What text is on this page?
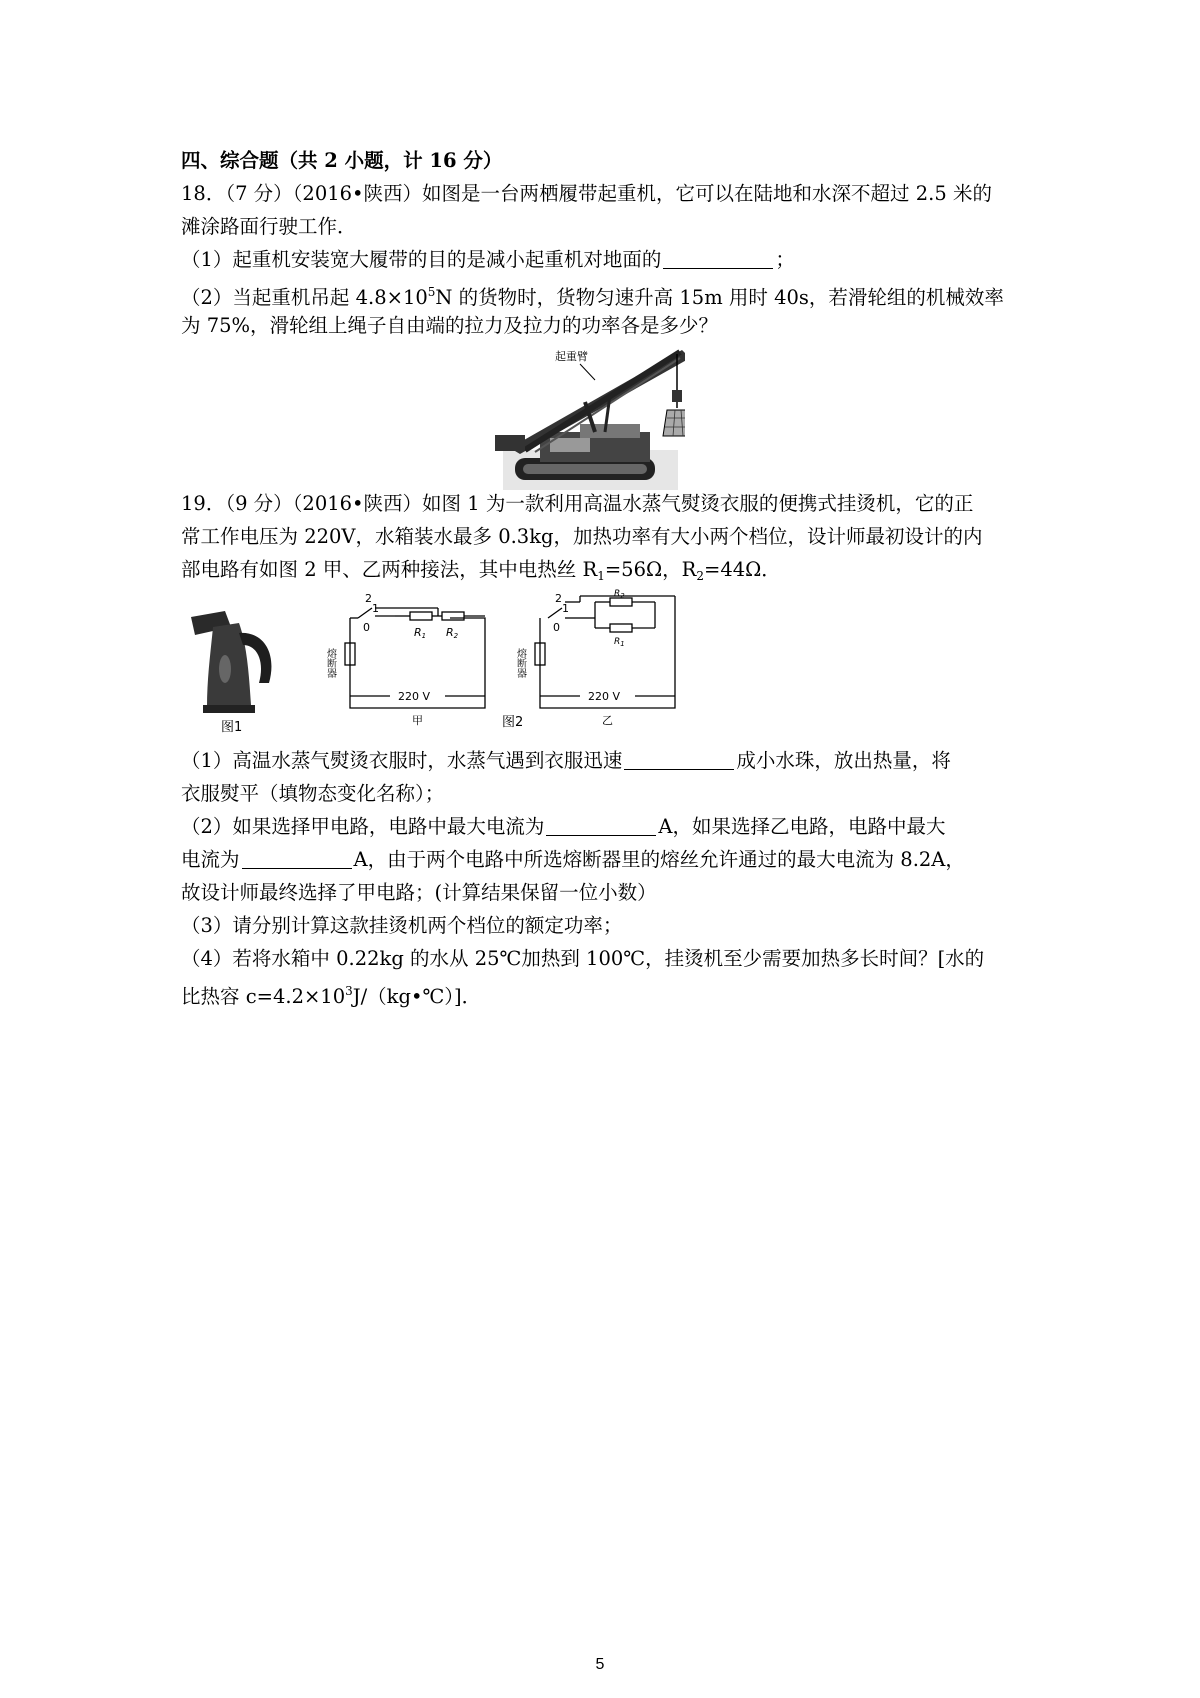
四、综合题（共 2 小题，计 16 分）
18．（7 分）（2016•陕西）如图是一台两栖履带起重机，它可以在陆地和水深不超过 2.5 米的
滩涂路面行驶工作．
（1）起重机安装宽大履带的目的是减小起重机对地面的	；
（2）当起重机吊起 $4.8\times 10^5N$ 的货物时，货物匀速升高 15m 用时 40s，若滑轮组的机械效率
为 75%，滑轮组上绳子自由端的拉力及拉力的功率各是多少？
起重臂
19．（9 分）（2016•陕西）如图 1 为一款利用高温水蒸气熨烫衣服的便携式挂烫机，它的正
常工作电压为 220V，水箱装水最多 0.3kg，加热功率有大小两个档位，设计师最初设计的内
部电路有如图 2 甲、乙两种接法，其中电热丝 $R_1=56\Omega$，$R_2=44\Omega$．
图1
2
1
0	R1 R2
熔断器
220 V
甲
2
1
0
$R_2$
$R_1$
熔断器
220 V
乙
图2
（1）高温水蒸气熨烫衣服时，水蒸气遇到衣服迅速	成小水珠，放出热量，将
衣服熨平（填物态变化名称）；
（2）如果选择甲电路，电路中最大电流为	A，如果选择乙电路，电路中最大
电流为	A，由于两个电路中所选熔断器里的熔丝允许通过的最大电流为 8.2A，
故设计师最终选择了甲电路；(计算结果保留一位小数）
（3）请分别计算这款挂烫机两个档位的额定功率；
（4）若将水箱中 0.22kg 的水从 25℃加热到 100℃，挂烫机至少需要加热多长时间？[水的
比热容 $c=4.2\times 10^3J/(kg•℃)$]．
5
